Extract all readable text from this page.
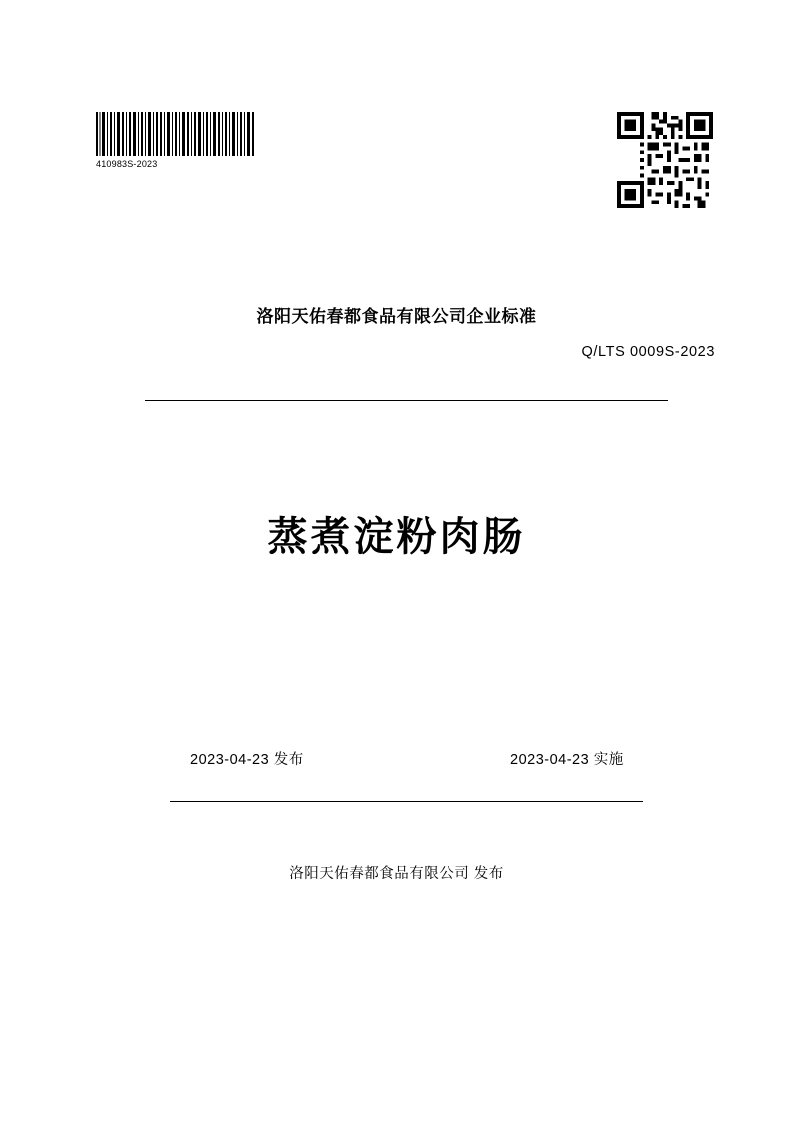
410983S-2023
洛阳天佑春都食品有限公司企业标准
Q/LTS 0009S-2023
蒸煮淀粉肉肠
2023-04-23 发布	2023-04-23 实施
洛阳天佑春都食品有限公司 发布
